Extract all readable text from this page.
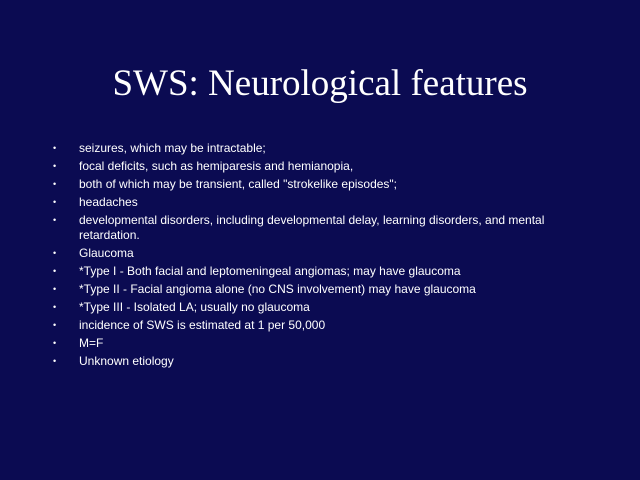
SWS: Neurological features
•	seizures, which may be intractable;
•	focal deficits, such as hemiparesis and hemianopia,
•	both of which may be transient, called "strokelike episodes";
•	headaches
•	developmental disorders, including developmental delay, learning disorders, and mental retardation.
•	Glaucoma
•	*Type I - Both facial and leptomeningeal angiomas; may have glaucoma
•	*Type II - Facial angioma alone (no CNS involvement) may have glaucoma
•	*Type III - Isolated LA; usually no glaucoma
•	incidence of SWS is estimated at 1 per 50,000
•	M=F
•	Unknown etiology
